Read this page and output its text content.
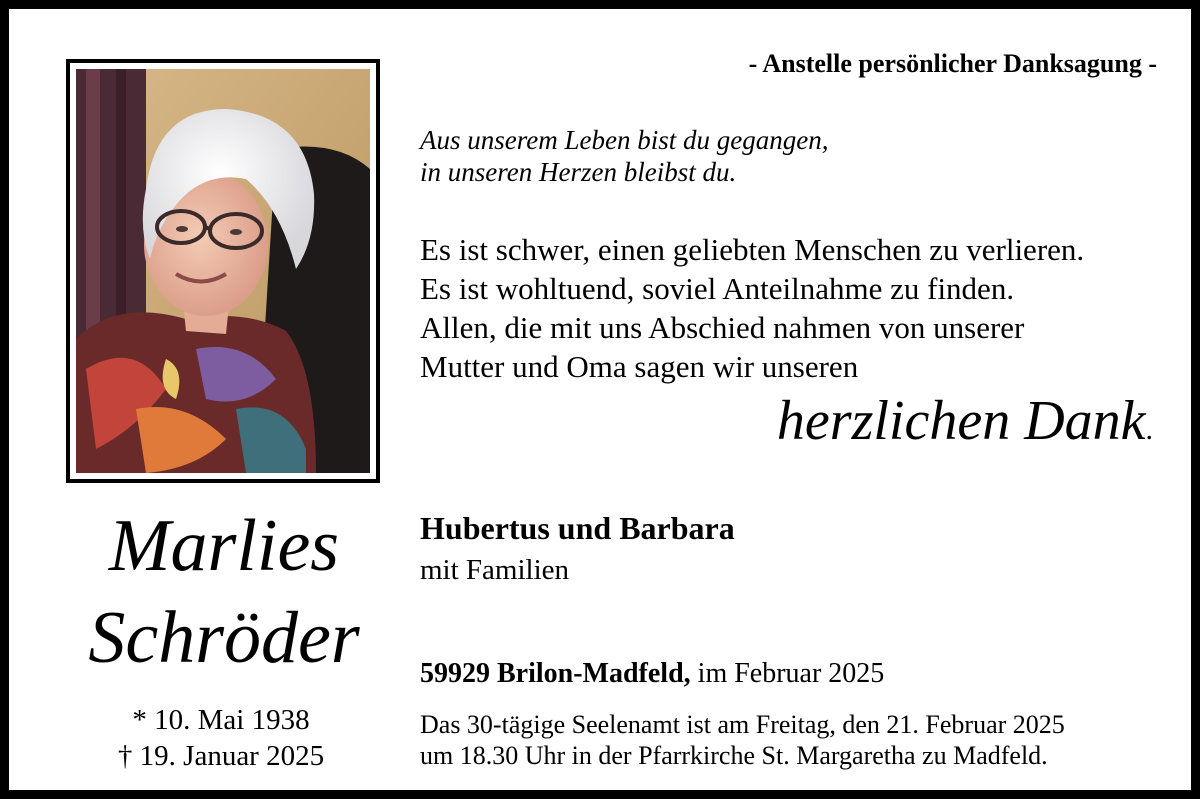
Marlies
Schröder
* 10. Mai 1938
† 19. Januar 2025
- Anstelle persönlicher Danksagung -
Aus unserem Leben bist du gegangen,
in unseren Herzen bleibst du.
Es ist schwer, einen geliebten Menschen zu verlieren.
Es ist wohltuend, soviel Anteilnahme zu finden.
Allen, die mit uns Abschied nahmen von unserer
Mutter und Oma sagen wir unseren
herzlichen Dank.
Hubertus und Barbara
mit Familien
59929 Brilon-Madfeld, im Februar 2025
Das 30-tägige Seelenamt ist am Freitag, den 21. Februar 2025
um 18.30 Uhr in der Pfarrkirche St. Margaretha zu Madfeld.
